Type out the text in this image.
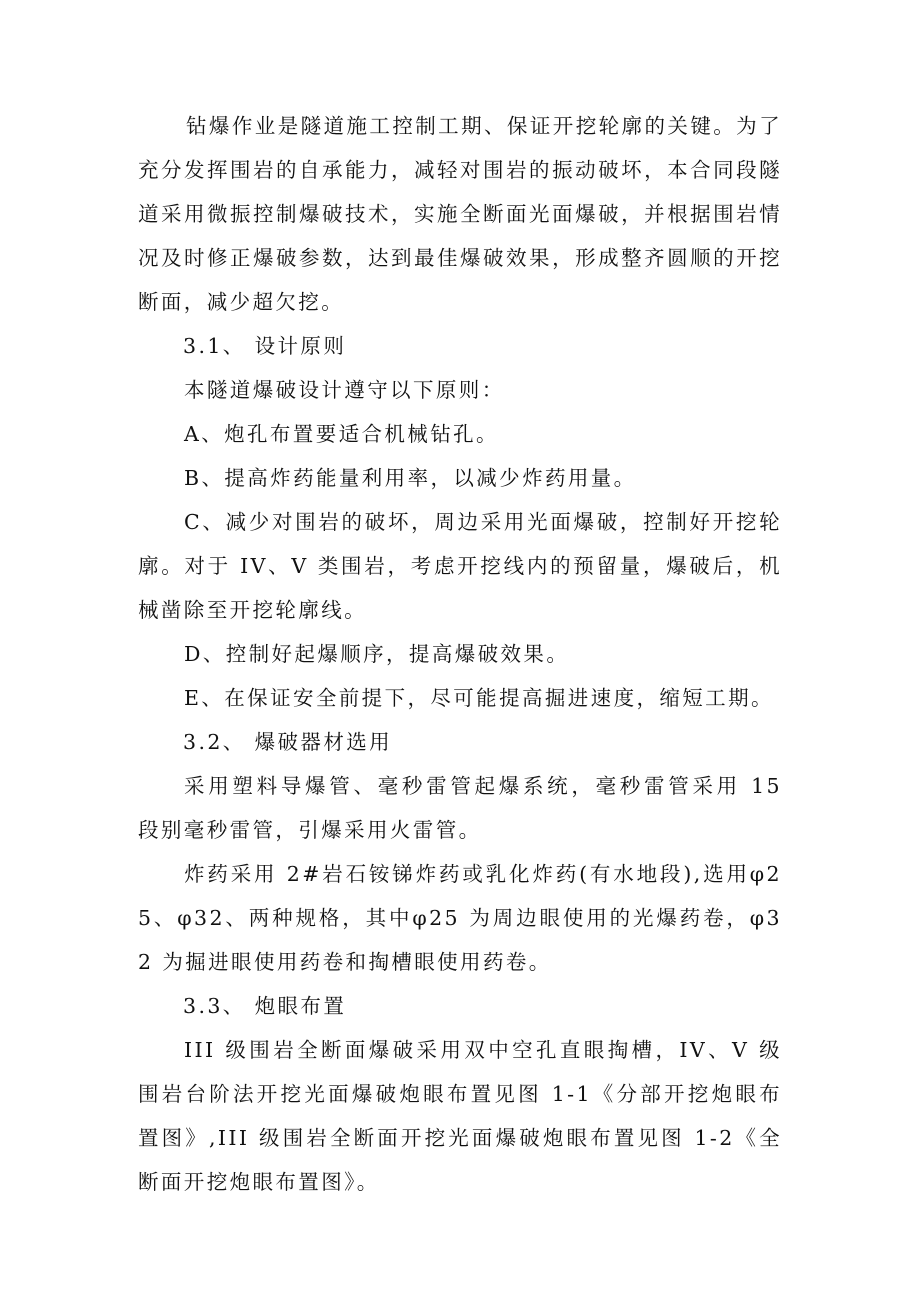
钻爆作业是隧道施工控制工期、保证开挖轮廓的关键。为了充分发挥围岩的自承能力，减轻对围岩的振动破坏，本合同段隧道采用微振控制爆破技术，实施全断面光面爆破，并根据围岩情况及时修正爆破参数，达到最佳爆破效果，形成整齐圆顺的开挖断面，减少超欠挖。

3.1、 设计原则

本隧道爆破设计遵守以下原则：

A、炮孔布置要适合机械钻孔。

B、提高炸药能量利用率，以减少炸药用量。

C、减少对围岩的破坏，周边采用光面爆破，控制好开挖轮廓。对于 IV、V 类围岩，考虑开挖线内的预留量，爆破后，机械凿除至开挖轮廓线。

D、控制好起爆顺序，提高爆破效果。

E、在保证安全前提下，尽可能提高掘进速度，缩短工期。

3.2、 爆破器材选用

采用塑料导爆管、毫秒雷管起爆系统，毫秒雷管采用 15 段别毫秒雷管，引爆采用火雷管。

炸药采用 2#岩石铵锑炸药或乳化炸药(有水地段),选用φ25、φ32、两种规格，其中φ25 为周边眼使用的光爆药卷，φ32 为掘进眼使用药卷和掏槽眼使用药卷。

3.3、 炮眼布置

III 级围岩全断面爆破采用双中空孔直眼掏槽，IV、V 级围岩台阶法开挖光面爆破炮眼布置见图 1-1《分部开挖炮眼布置图》,III 级围岩全断面开挖光面爆破炮眼布置见图 1-2《全断面开挖炮眼布置图》。
